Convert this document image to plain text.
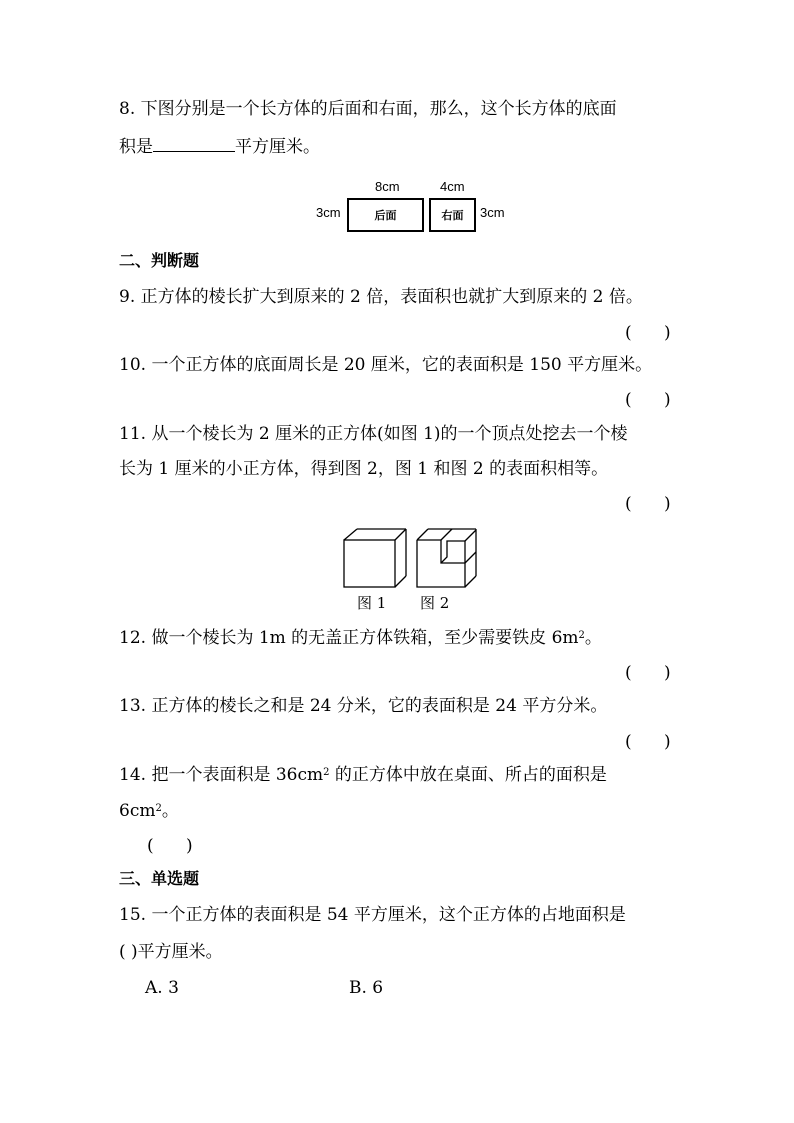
8. 下图分别是一个长方体的后面和右面，那么，这个长方体的底面
积是	平方厘米。
8cm	4cm
3cm	后面	右面 3cm
二、判断题
9. 正方体的棱长扩大到原来的 2 倍，表面积也就扩大到原来的 2 倍。
(      )
10. 一个正方体的底面周长是 20 厘米，它的表面积是 150 平方厘米。
(      )
11. 从一个棱长为 2 厘米的正方体(如图 1)的一个顶点处挖去一个棱
长为 1 厘米的小正方体，得到图 2，图 1 和图 2 的表面积相等。
(      )
图 1 图 2
12. 做一个棱长为 1m 的无盖正方体铁箱，至少需要铁皮 $6m^2$。
(      )
13. 正方体的棱长之和是 24 分米，它的表面积是 24 平方分米。
(      )
14. 把一个表面积是 $36cm^2$ 的正方体中放在桌面、所占的面积是
$6cm^2$。
(      )
三、单选题
15. 一个正方体的表面积是 54 平方厘米，这个正方体的占地面积是
( )平方厘米。
A. 3	B. 6
